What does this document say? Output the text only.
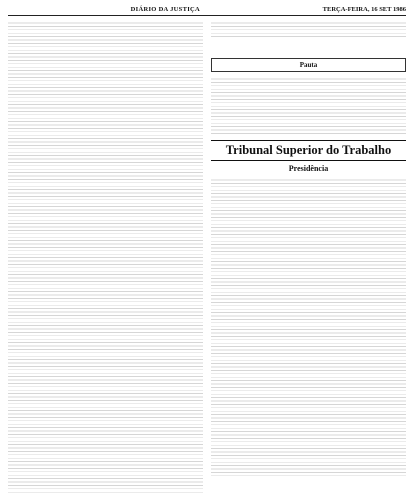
DIÁRIO DA JUSTIÇA	TERÇA-FEIRA, 16 SET 1986
Pauta
Tribunal Superior do Trabalho
Presidência
